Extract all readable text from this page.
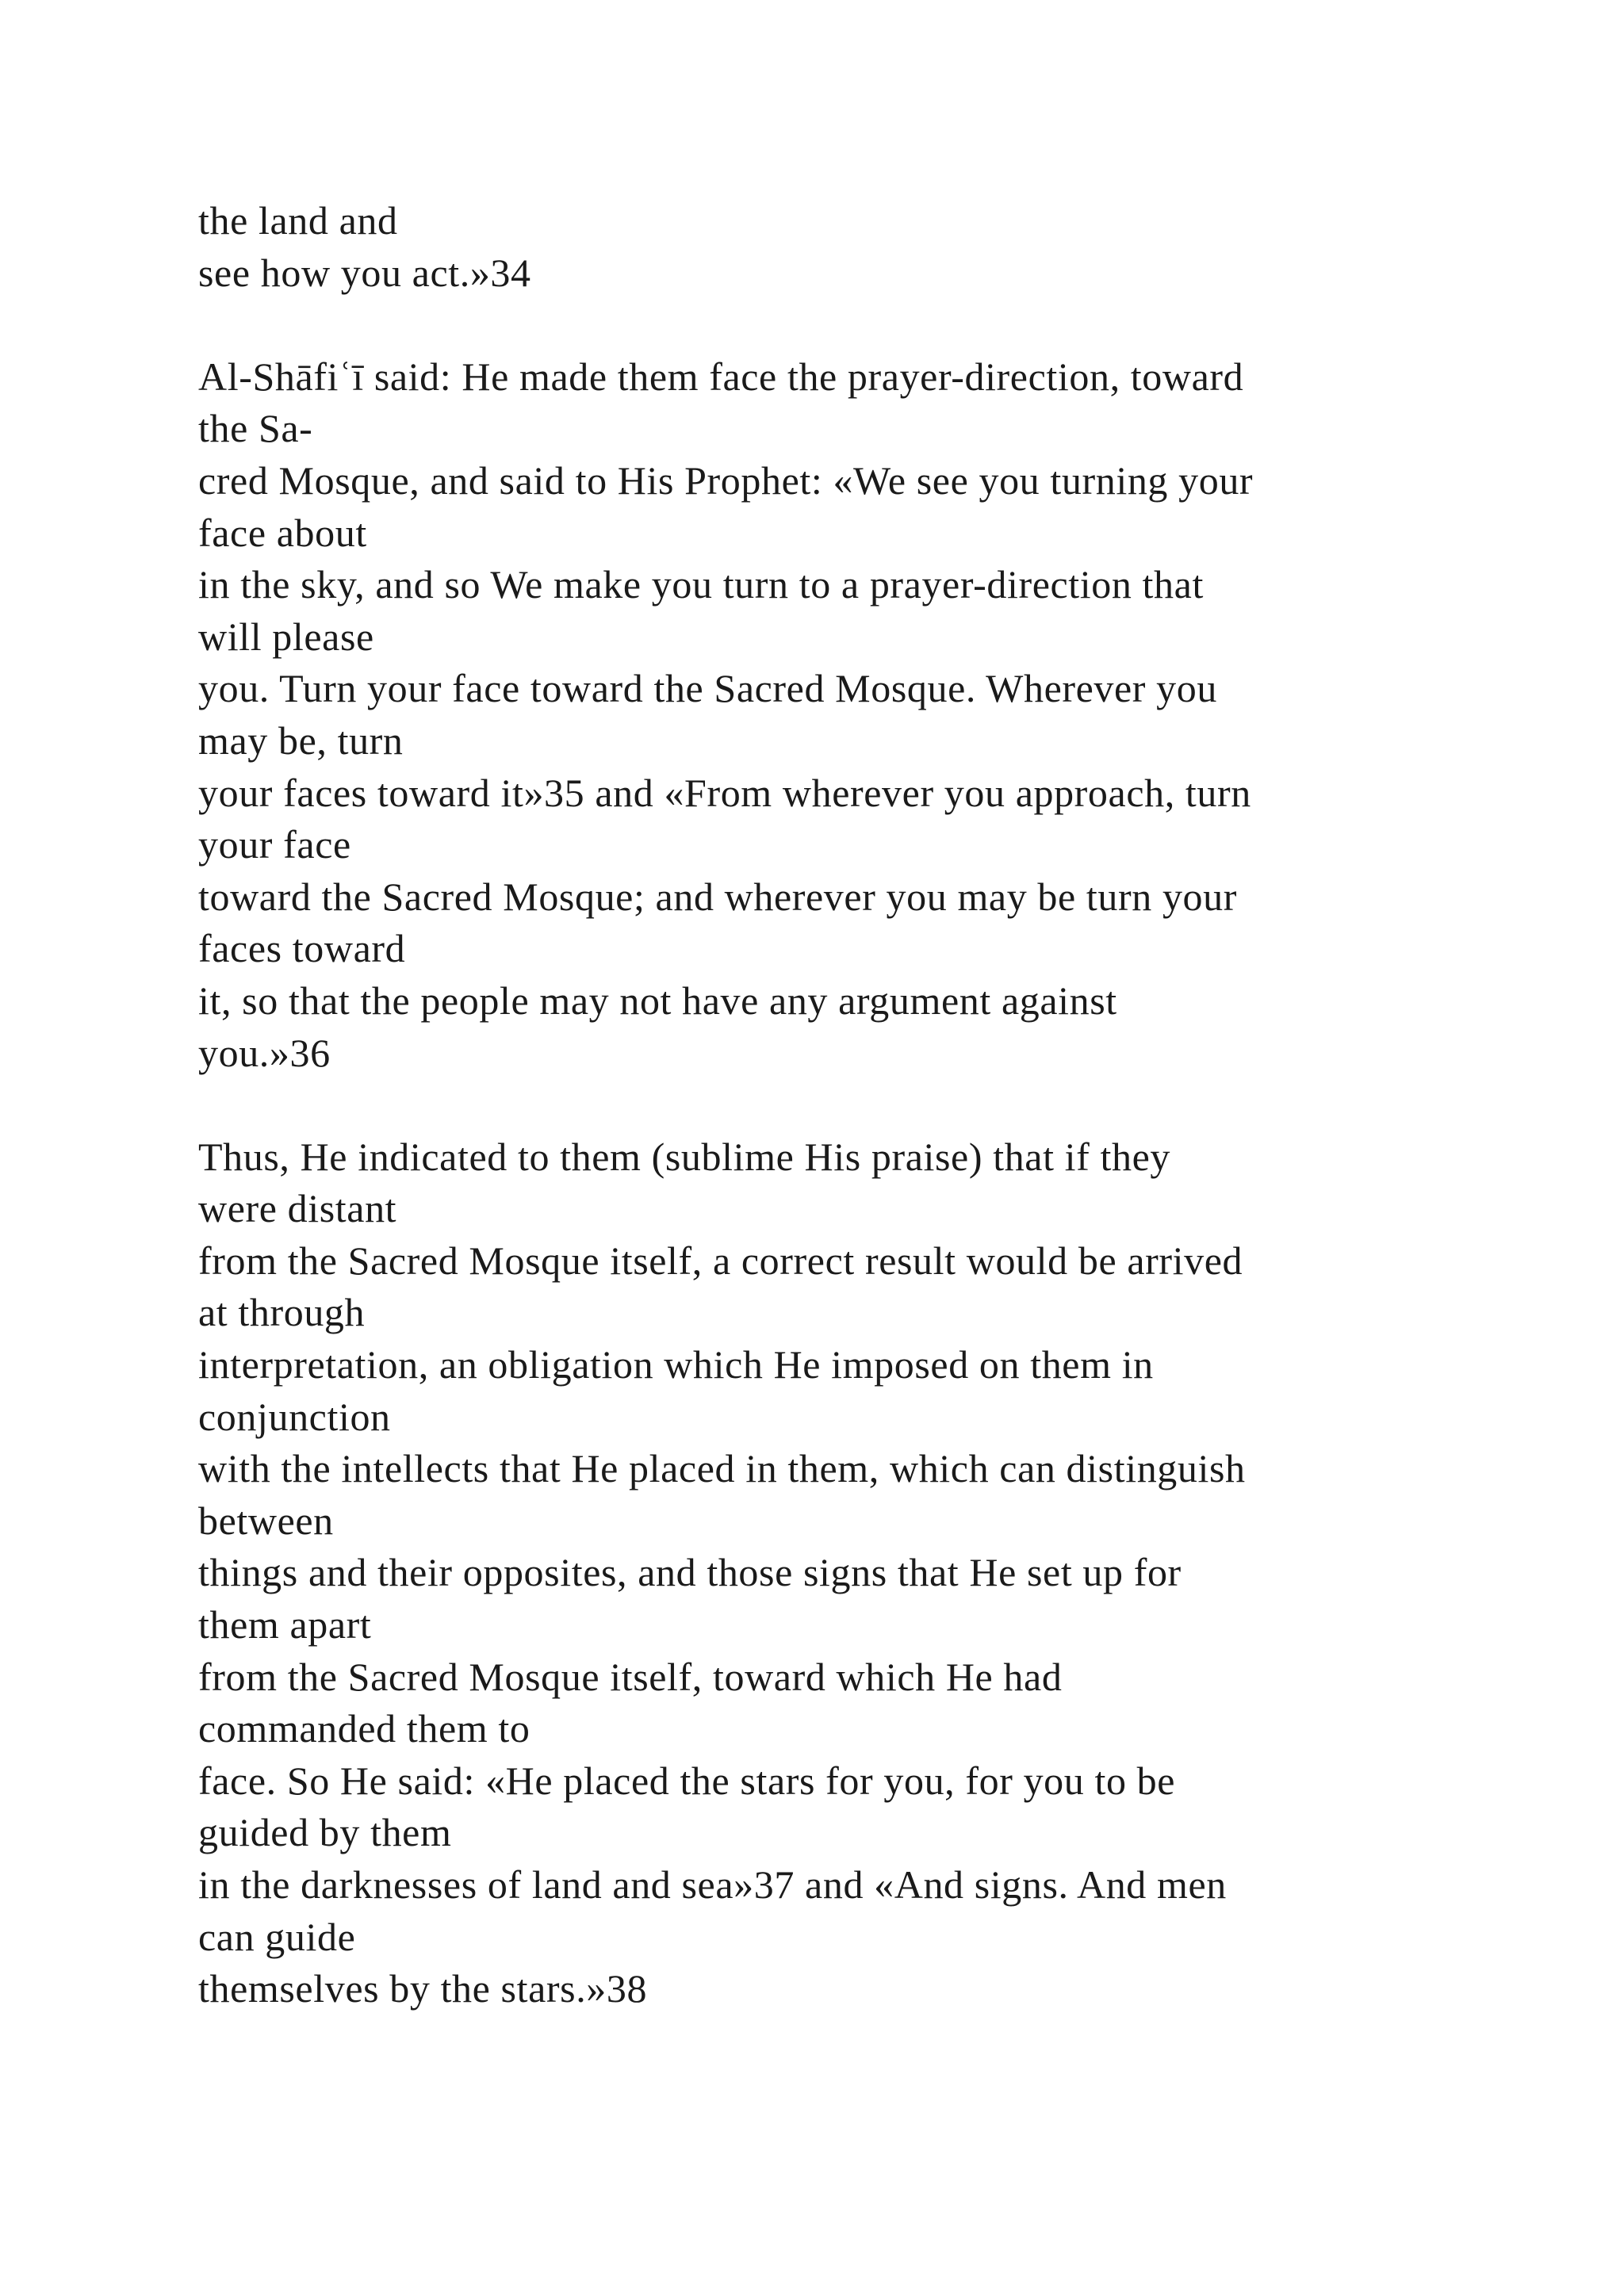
the land and
see how you act.»34
Al-Shāfiʿī said: He made them face the prayer-direction, toward
the Sa-
cred Mosque, and said to His Prophet: «We see you turning your
face about
in the sky, and so We make you turn to a prayer-direction that
will please
you. Turn your face toward the Sacred Mosque. Wherever you
may be, turn
your faces toward it»35 and «From wherever you approach, turn
your face
toward the Sacred Mosque; and wherever you may be turn your
faces toward
it, so that the people may not have any argument against
you.»36
Thus, He indicated to them (sublime His praise) that if they
were distant
from the Sacred Mosque itself, a correct result would be arrived
at through
interpretation, an obligation which He imposed on them in
conjunction
with the intellects that He placed in them, which can distinguish
between
things and their opposites, and those signs that He set up for
them apart
from the Sacred Mosque itself, toward which He had
commanded them to
face. So He said: «He placed the stars for you, for you to be
guided by them
in the darknesses of land and sea»37 and «And signs. And men
can guide
themselves by the stars.»38
